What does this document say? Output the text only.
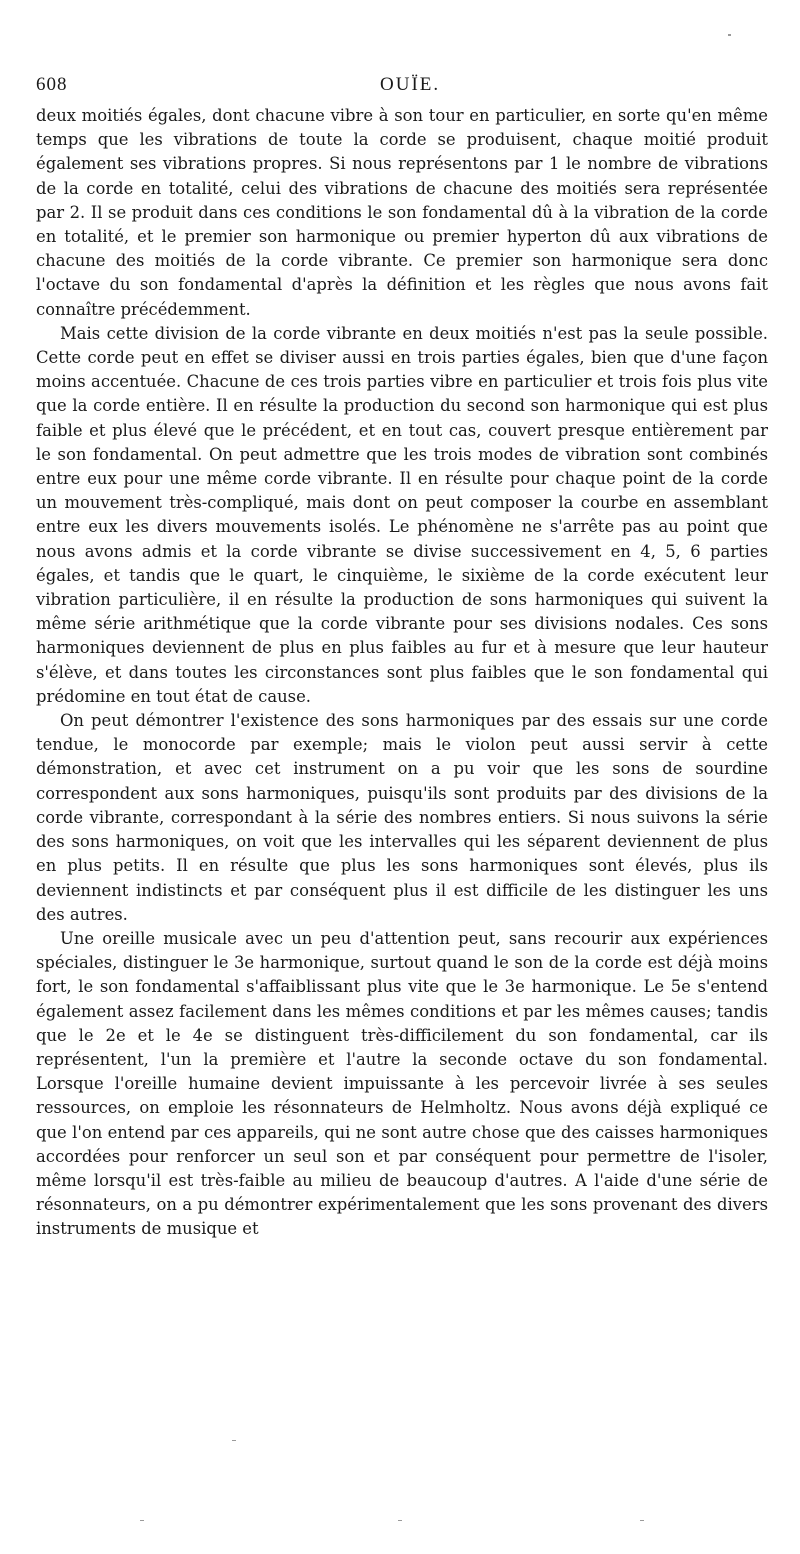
608	OUÏE.

deux moitiés égales, dont chacune vibre à son tour en particulier, en sorte qu'en même temps que les vibrations de toute la corde se produisent, chaque moitié produit également ses vibrations propres. Si nous représentons par 1 le nombre de vibrations de la corde en totalité, celui des vibrations de chacune des moitiés sera représentée par 2. Il se produit dans ces conditions le son fondamental dû à la vibration de la corde en totalité, et le premier son harmonique ou premier hyperton dû aux vibrations de chacune des moitiés de la corde vibrante. Ce premier son harmonique sera donc l'octave du son fondamental d'après la définition et les règles que nous avons fait connaître précédemment.

Mais cette division de la corde vibrante en deux moitiés n'est pas la seule possible. Cette corde peut en effet se diviser aussi en trois parties égales, bien que d'une façon moins accentuée. Chacune de ces trois parties vibre en particulier et trois fois plus vite que la corde entière. Il en résulte la production du second son harmonique qui est plus faible et plus élevé que le précédent, et en tout cas, couvert presque entièrement par le son fondamental. On peut admettre que les trois modes de vibration sont combinés entre eux pour une même corde vibrante. Il en résulte pour chaque point de la corde un mouvement très-compliqué, mais dont on peut composer la courbe en assemblant entre eux les divers mouvements isolés. Le phénomène ne s'arrête pas au point que nous avons admis et la corde vibrante se divise successivement en 4, 5, 6 parties égales, et tandis que le quart, le cinquième, le sixième de la corde exécutent leur vibration particulière, il en résulte la production de sons harmoniques qui suivent la même série arithmétique que la corde vibrante pour ses divisions nodales. Ces sons harmoniques deviennent de plus en plus faibles au fur et à mesure que leur hauteur s'élève, et dans toutes les circonstances sont plus faibles que le son fondamental qui prédomine en tout état de cause.

On peut démontrer l'existence des sons harmoniques par des essais sur une corde tendue, le monocorde par exemple; mais le violon peut aussi servir à cette démonstration, et avec cet instrument on a pu voir que les sons de sourdine correspondent aux sons harmoniques, puisqu'ils sont produits par des divisions de la corde vibrante, correspondant à la série des nombres entiers. Si nous suivons la série des sons harmoniques, on voit que les intervalles qui les séparent deviennent de plus en plus petits. Il en résulte que plus les sons harmoniques sont élevés, plus ils deviennent indistincts et par conséquent plus il est difficile de les distinguer les uns des autres.

Une oreille musicale avec un peu d'attention peut, sans recourir aux expériences spéciales, distinguer le 3e harmonique, surtout quand le son de la corde est déjà moins fort, le son fondamental s'affaiblissant plus vite que le 3e harmonique. Le 5e s'entend également assez facilement dans les mêmes conditions et par les mêmes causes; tandis que le 2e et le 4e se distinguent très-difficilement du son fondamental, car ils représentent, l'un la première et l'autre la seconde octave du son fondamental. Lorsque l'oreille humaine devient impuissante à les percevoir livrée à ses seules ressources, on emploie les résonnateurs de Helmholtz. Nous avons déjà expliqué ce que l'on entend par ces appareils, qui ne sont autre chose que des caisses harmoniques accordées pour renforcer un seul son et par conséquent pour permettre de l'isoler, même lorsqu'il est très-faible au milieu de beaucoup d'autres. A l'aide d'une série de résonnateurs, on a pu démontrer expérimentalement que les sons provenant des divers instruments de musique et
